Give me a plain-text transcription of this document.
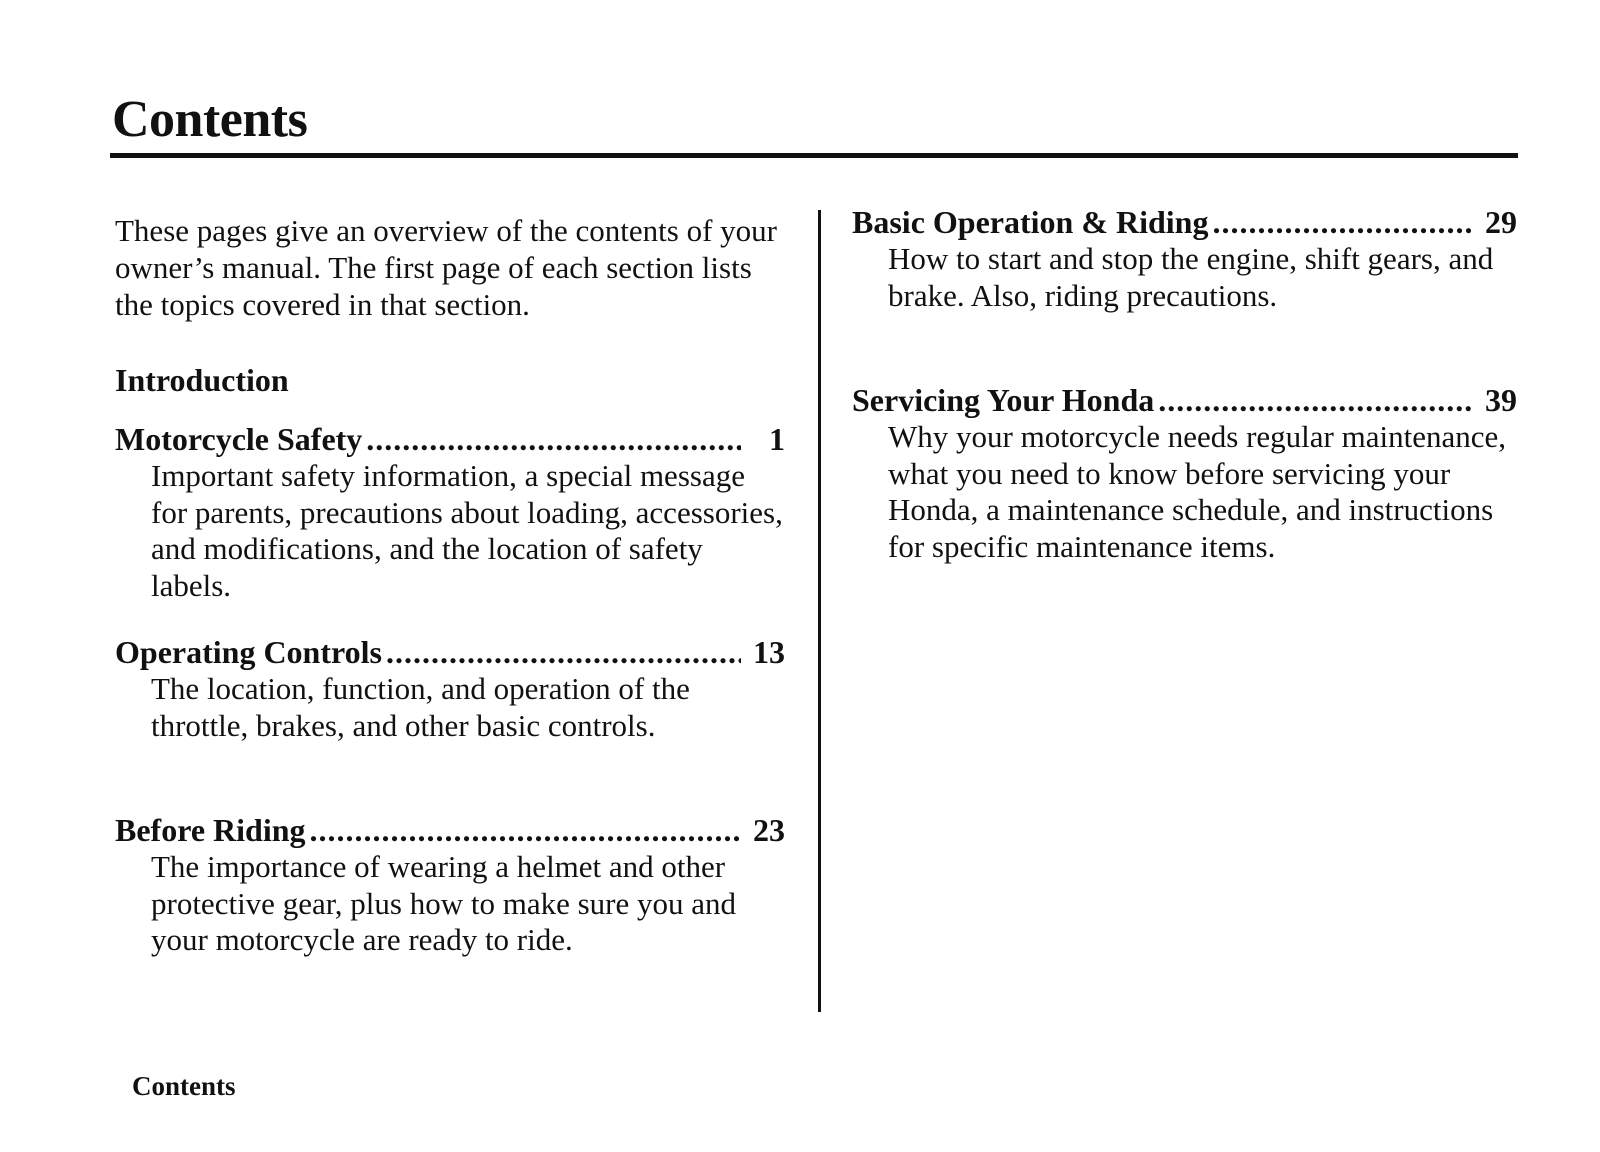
Contents
These pages give an overview of the contents of your owner’s manual. The first page of each section lists the topics covered in that section.
Introduction
Motorcycle Safety .....	1
Important safety information, a special message for parents, precautions about loading, accessories, and modifications, and the location of safety labels.
Operating Controls .....	13
The location, function, and operation of the throttle, brakes, and other basic controls.
Before Riding .....	23
The importance of wearing a helmet and other protective gear, plus how to make sure you and your motorcycle are ready to ride.
Basic Operation & Riding .....	29
How to start and stop the engine, shift gears, and brake. Also, riding precautions.
Servicing Your Honda .....	39
Why your motorcycle needs regular maintenance, what you need to know before servicing your Honda, a maintenance schedule, and instructions for specific maintenance items.
Contents
